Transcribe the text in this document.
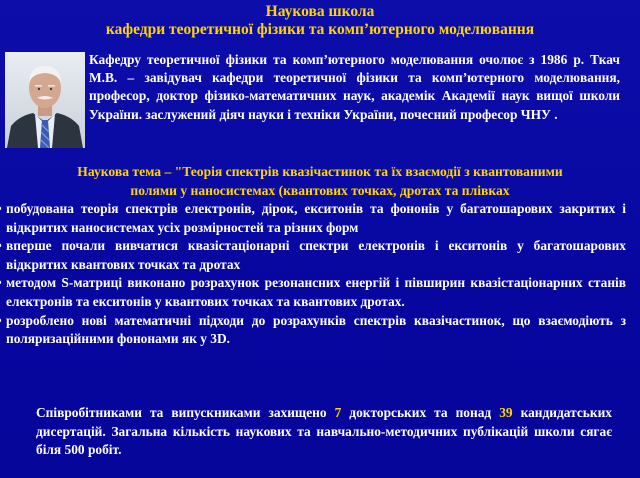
Наукова школа
кафедри теоретичної фізики та комп’ютерного моделювання
Кафедру теоретичної фізики та комп’ютерного моделювання очолює з 1986 р. Ткач М.В. – завідувач кафедри теоретичної фізики та комп’ютерного моделювання, професор, доктор фізико-математичних наук, академік Академії наук вищої школи України. заслужений діяч науки і техніки України, почесний професор ЧНУ .
Наукова тема – "Теорія спектрів квазічастинок та їх взаємодії з квантованими
полями у наносистемах (квантових точках, дротах та плівках
побудована теорія спектрів електронів, дірок, екситонів та фононів у багатошарових закритих і відкритих наносистемах усіх розмірностей та різних форм
вперше почали вивчатися квазістаціонарні спектри електронів і екситонів у багатошарових відкритих квантових точках та дротах
методом S-матриці виконано розрахунок резонансних енергій і півширин квазістаціонарних станів електронів та екситонів у квантових точках та квантових дротах.
розроблено нові математичні підходи до розрахунків спектрів квазічастинок, що взаємодіють з поляризаційними фононами як у 3D.
Співробітниками та випускниками захищено 7 докторських та понад 39 кандидатських дисертацій. Загальна кількість наукових та навчально-методичних публікацій школи сягає біля 500 робіт.
